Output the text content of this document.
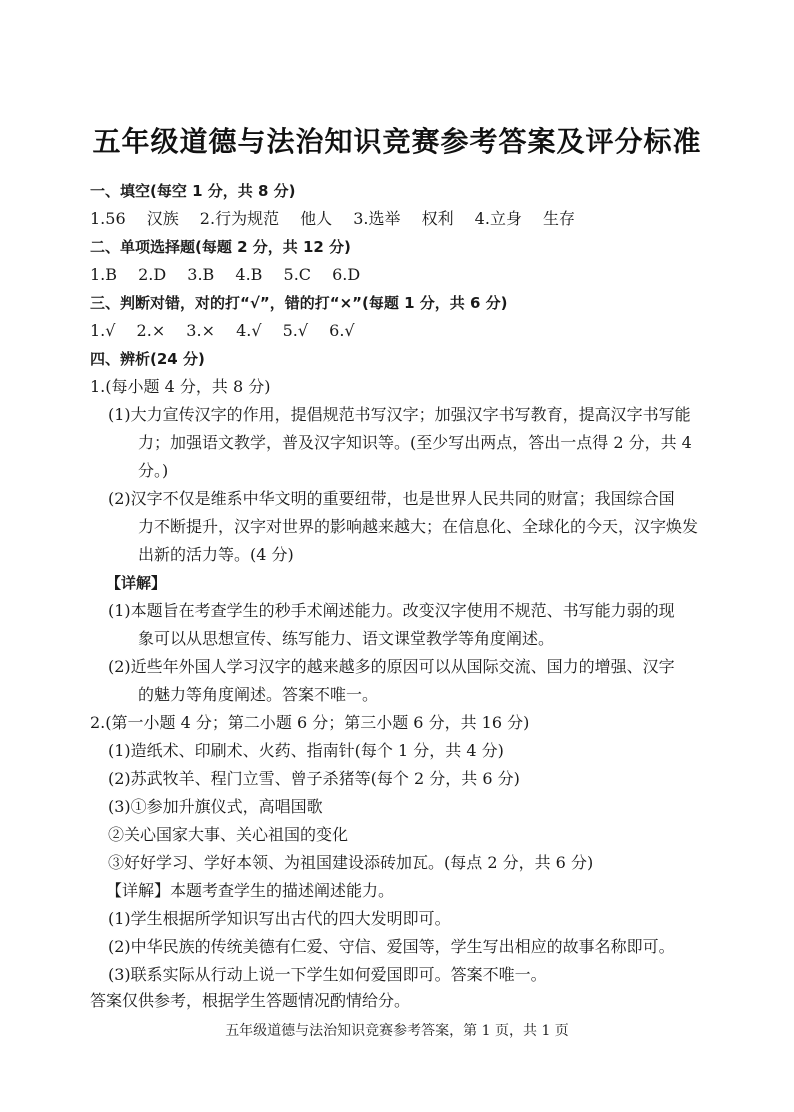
五年级道德与法治知识竞赛参考答案及评分标准
一、填空(每空 1 分，共 8 分)
1.56　 汉族　 2.行为规范　 他人　 3.选举　 权利　 4.立身　 生存
二、单项选择题(每题 2 分，共 12 分)
1.B　 2.D　 3.B　 4.B　 5.C　 6.D
三、判断对错，对的打“√”，错的打“×”(每题 1 分，共 6 分)
1.√　 2.×　 3.×　 4.√　 5.√　 6.√
四、辨析(24 分)
1.(每小题 4 分，共 8 分)
(1)大力宣传汉字的作用，提倡规范书写汉字；加强汉字书写教育，提高汉字书写能
力；加强语文教学，普及汉字知识等。(至少写出两点，答出一点得 2 分，共 4
分。)
(2)汉字不仅是维系中华文明的重要纽带，也是世界人民共同的财富；我国综合国
力不断提升，汉字对世界的影响越来越大；在信息化、全球化的今天，汉字焕发
出新的活力等。(4 分)
【详解】
(1)本题旨在考查学生的秒手术阐述能力。改变汉字使用不规范、书写能力弱的现
象可以从思想宣传、练写能力、语文课堂教学等角度阐述。
(2)近些年外国人学习汉字的越来越多的原因可以从国际交流、国力的增强、汉字
的魅力等角度阐述。答案不唯一。
2.(第一小题 4 分；第二小题 6 分；第三小题 6 分，共 16 分)
(1)造纸术、印刷术、火药、指南针(每个 1 分，共 4 分)
(2)苏武牧羊、程门立雪、曾子杀猪等(每个 2 分，共 6 分)
(3)①参加升旗仪式，高唱国歌
②关心国家大事、关心祖国的变化
③好好学习、学好本领、为祖国建设添砖加瓦。(每点 2 分，共 6 分)
【详解】本题考查学生的描述阐述能力。
(1)学生根据所学知识写出古代的四大发明即可。
(2)中华民族的传统美德有仁爱、守信、爱国等，学生写出相应的故事名称即可。
(3)联系实际从行动上说一下学生如何爱国即可。答案不唯一。
答案仅供参考，根据学生答题情况酌情给分。
五年级道德与法治知识竞赛参考答案，第 1 页，共 1 页
